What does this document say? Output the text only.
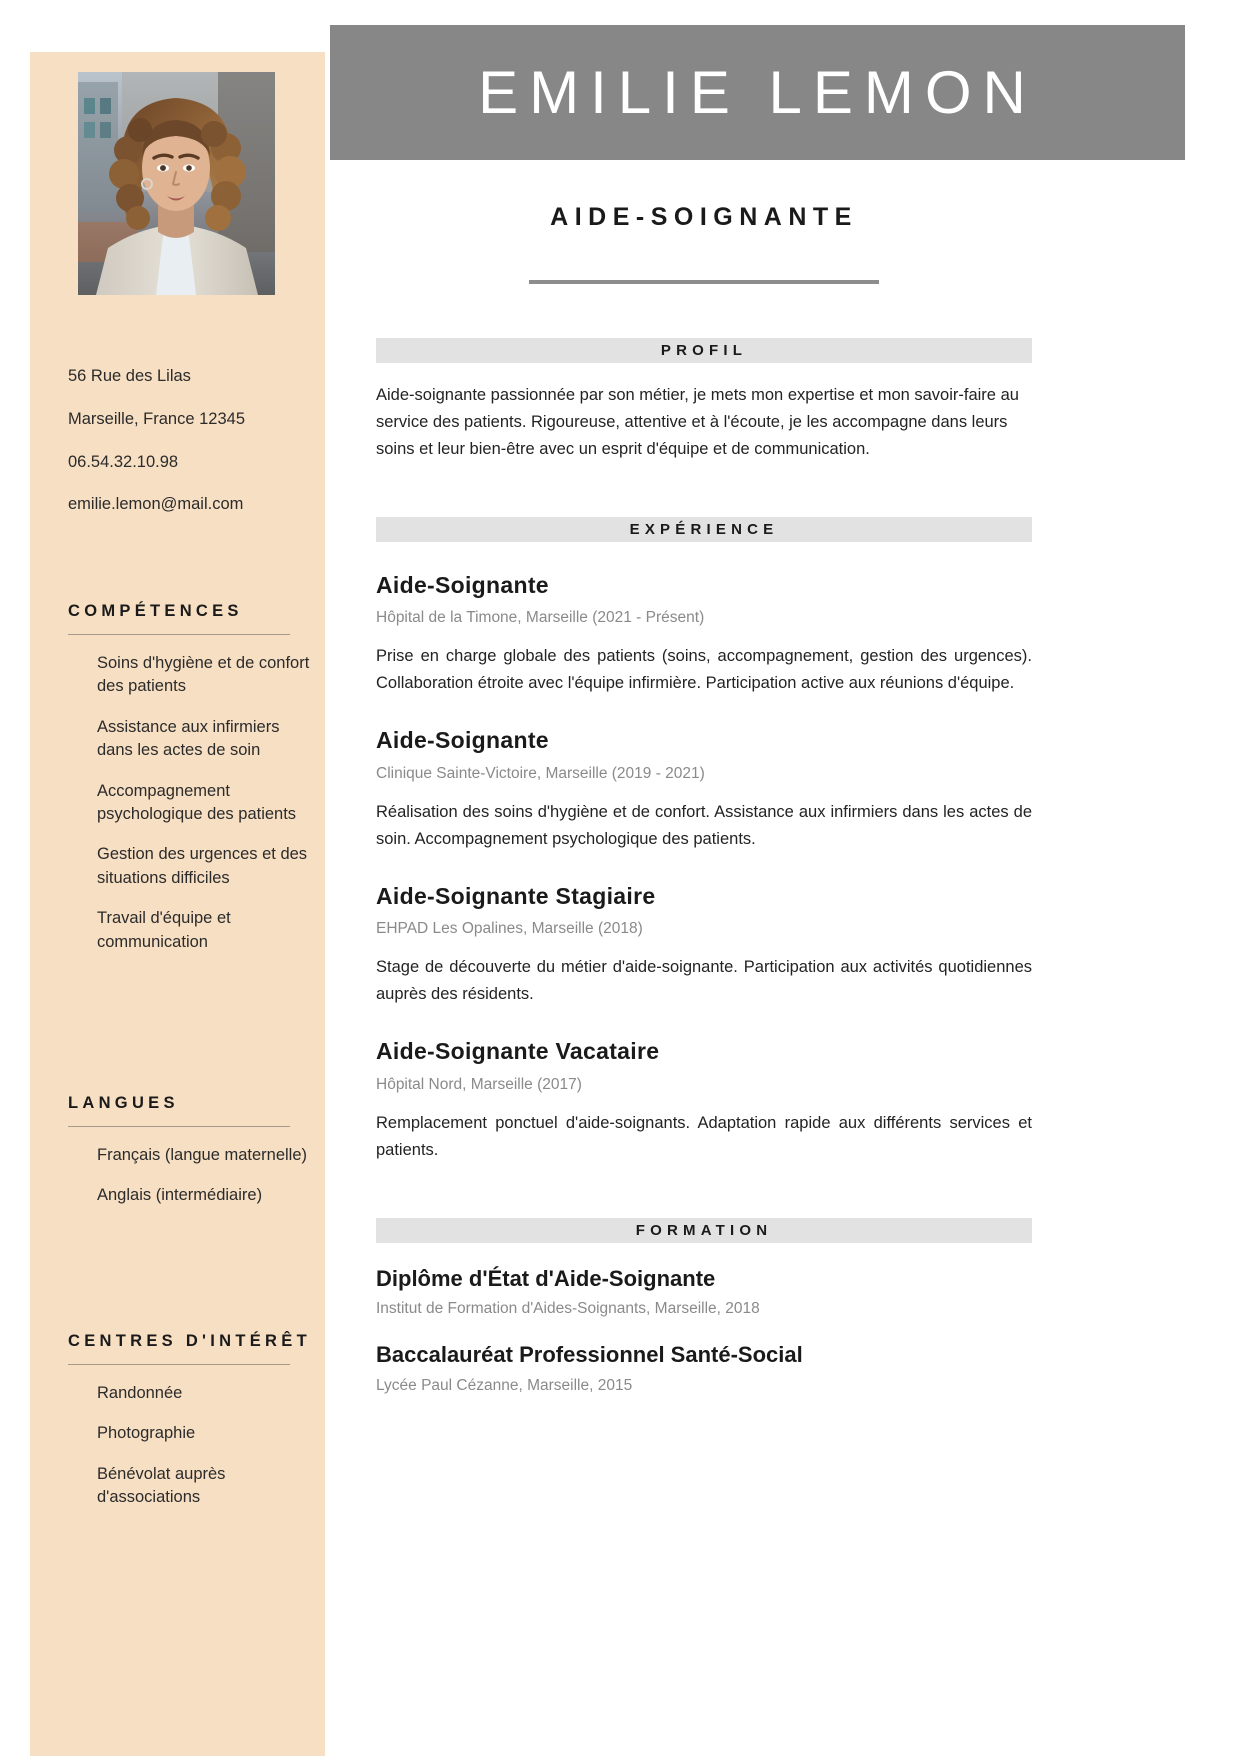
EMILIE LEMON
56 Rue des Lilas
Marseille, France 12345
06.54.32.10.98
emilie.lemon@mail.com
COMPÉTENCES
Soins d'hygiène et de confort des patients
Assistance aux infirmiers dans les actes de soin
Accompagnement psychologique des patients
Gestion des urgences et des situations difficiles
Travail d'équipe et communication
LANGUES
Français (langue maternelle)
Anglais (intermédiaire)
CENTRES D'INTÉRÊT
Randonnée
Photographie
Bénévolat auprès d'associations
AIDE-SOIGNANTE
PROFIL

Aide-soignante passionnée par son métier, je mets mon expertise et mon savoir-faire au service des patients. Rigoureuse, attentive et à l'écoute, je les accompagne dans leurs soins et leur bien-être avec un esprit d'équipe et de communication.

EXPÉRIENCE
Aide-Soignante
Hôpital de la Timone, Marseille (2021 - Présent)
Prise en charge globale des patients (soins, accompagnement, gestion des urgences). Collaboration étroite avec l'équipe infirmière. Participation active aux réunions d'équipe.
Aide-Soignante
Clinique Sainte-Victoire, Marseille (2019 - 2021)
Réalisation des soins d'hygiène et de confort. Assistance aux infirmiers dans les actes de soin. Accompagnement psychologique des patients.
Aide-Soignante Stagiaire
EHPAD Les Opalines, Marseille (2018)
Stage de découverte du métier d'aide-soignante. Participation aux activités quotidiennes auprès des résidents.
Aide-Soignante Vacataire
Hôpital Nord, Marseille (2017)
Remplacement ponctuel d'aide-soignants. Adaptation rapide aux différents services et patients.
FORMATION
Diplôme d'État d'Aide-Soignante
Institut de Formation d'Aides-Soignants, Marseille, 2018
Baccalauréat Professionnel Santé-Social
Lycée Paul Cézanne, Marseille, 2015
